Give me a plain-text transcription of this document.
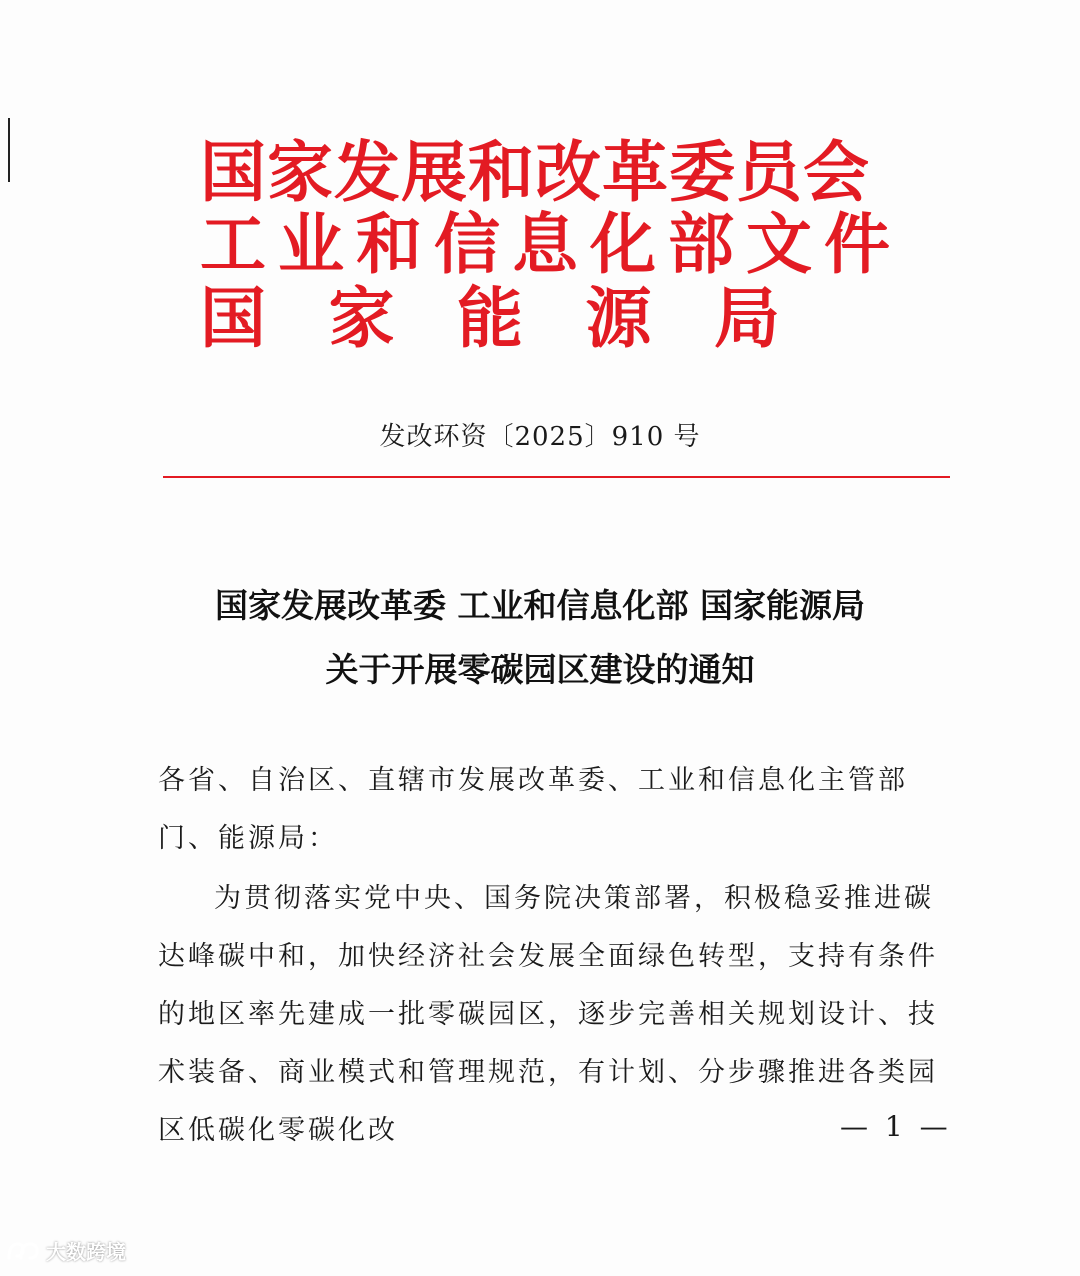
国家发展和改革委员会
工业和信息化部文件
国 家 能 源 局
发改环资〔2025〕910 号
国家发展改革委 工业和信息化部 国家能源局
关于开展零碳园区建设的通知
各省、自治区、直辖市发展改革委、工业和信息化主管部门、能源局：
为贯彻落实党中央、国务院决策部署，积极稳妥推进碳达峰碳中和，加快经济社会发展全面绿色转型，支持有条件的地区率先建成一批零碳园区，逐步完善相关规划设计、技术装备、商业模式和管理规范，有计划、分步骤推进各类园区低碳化零碳化改	— 1 —
大数跨境
